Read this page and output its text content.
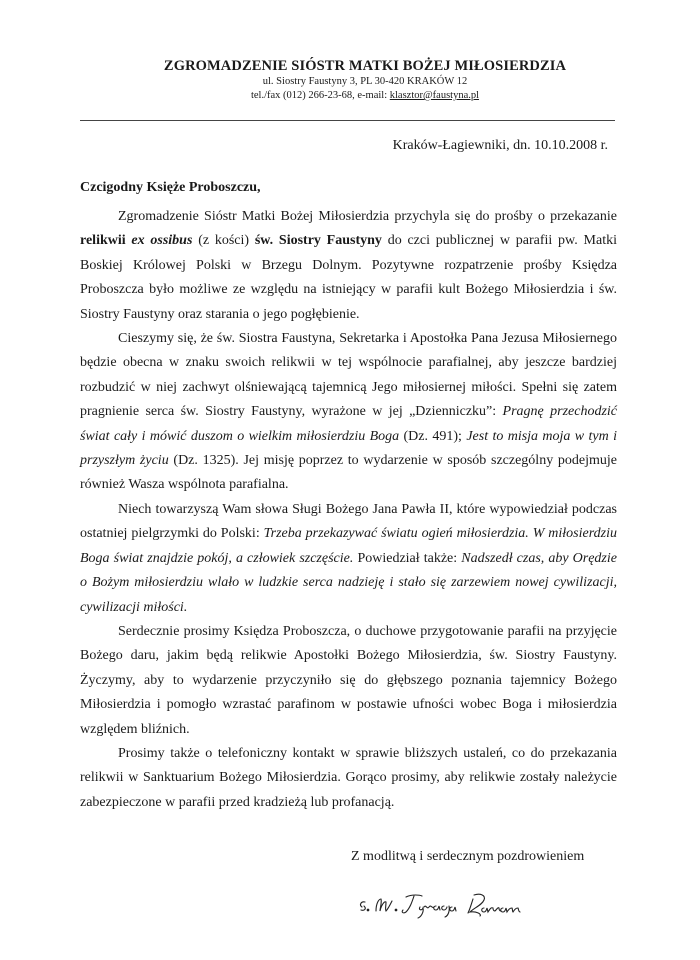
ZGROMADZENIE SIÓSTR MATKI BOŻEJ MIŁOSIERDZIA
ul. Siostry Faustyny 3, PL 30-420 KRAKÓW 12
tel./fax (012) 266-23-68, e-mail: klasztor@faustyna.pl
Kraków-Łagiewniki, dn. 10.10.2008 r.
Czcigodny Księże Proboszczu,

Zgromadzenie Sióstr Matki Bożej Miłosierdzia przychyla się do prośby o przekazanie relikwii ex ossibus (z kości) św. Siostry Faustyny do czci publicznej w parafii pw. Matki Boskiej Królowej Polski w Brzegu Dolnym. Pozytywne rozpatrzenie prośby Księdza Proboszcza było możliwe ze względu na istniejący w parafii kult Bożego Miłosierdzia i św. Siostry Faustyny oraz starania o jego pogłębienie.

Cieszymy się, że św. Siostra Faustyna, Sekretarka i Apostołka Pana Jezusa Miłosiernego będzie obecna w znaku swoich relikwii w tej wspólnocie parafialnej, aby jeszcze bardziej rozbudzić w niej zachwyt olśniewającą tajemnicą Jego miłosiernej miłości. Spełni się zatem pragnienie serca św. Siostry Faustyny, wyrażone w jej „Dzienniczku”: Pragnę przechodzić świat cały i mówić duszom o wielkim miłosierdziu Boga (Dz. 491); Jest to misja moja w tym i przyszłym życiu (Dz. 1325). Jej misję poprzez to wydarzenie w sposób szczególny podejmuje również Wasza wspólnota parafialna.

Niech towarzyszą Wam słowa Sługi Bożego Jana Pawła II, które wypowiedział podczas ostatniej pielgrzymki do Polski: Trzeba przekazywać światu ogień miłosierdzia. W miłosierdziu Boga świat znajdzie pokój, a człowiek szczęście. Powiedział także: Nadszedł czas, aby Orędzie o Bożym miłosierdziu wlało w ludzkie serca nadzieję i stało się zarzewiem nowej cywilizacji, cywilizacji miłości.

Serdecznie prosimy Księdza Proboszcza, o duchowe przygotowanie parafii na przyjęcie Bożego daru, jakim będą relikwie Apostołki Bożego Miłosierdzia, św. Siostry Faustyny. Życzymy, aby to wydarzenie przyczyniło się do głębszego poznania tajemnicy Bożego Miłosierdzia i pomogło wzrastać parafinom w postawie ufności wobec Boga i miłosierdzia względem bliźnich.

Prosimy także o telefoniczny kontakt w sprawie bliższych ustaleń, co do przekazania relikwii w Sanktuarium Bożego Miłosierdzia. Gorąco prosimy, aby relikwie zostały należycie zabezpieczone w parafii przed kradzieżą lub profanacją.

Z modlitwą i serdecznym pozdrowieniem
